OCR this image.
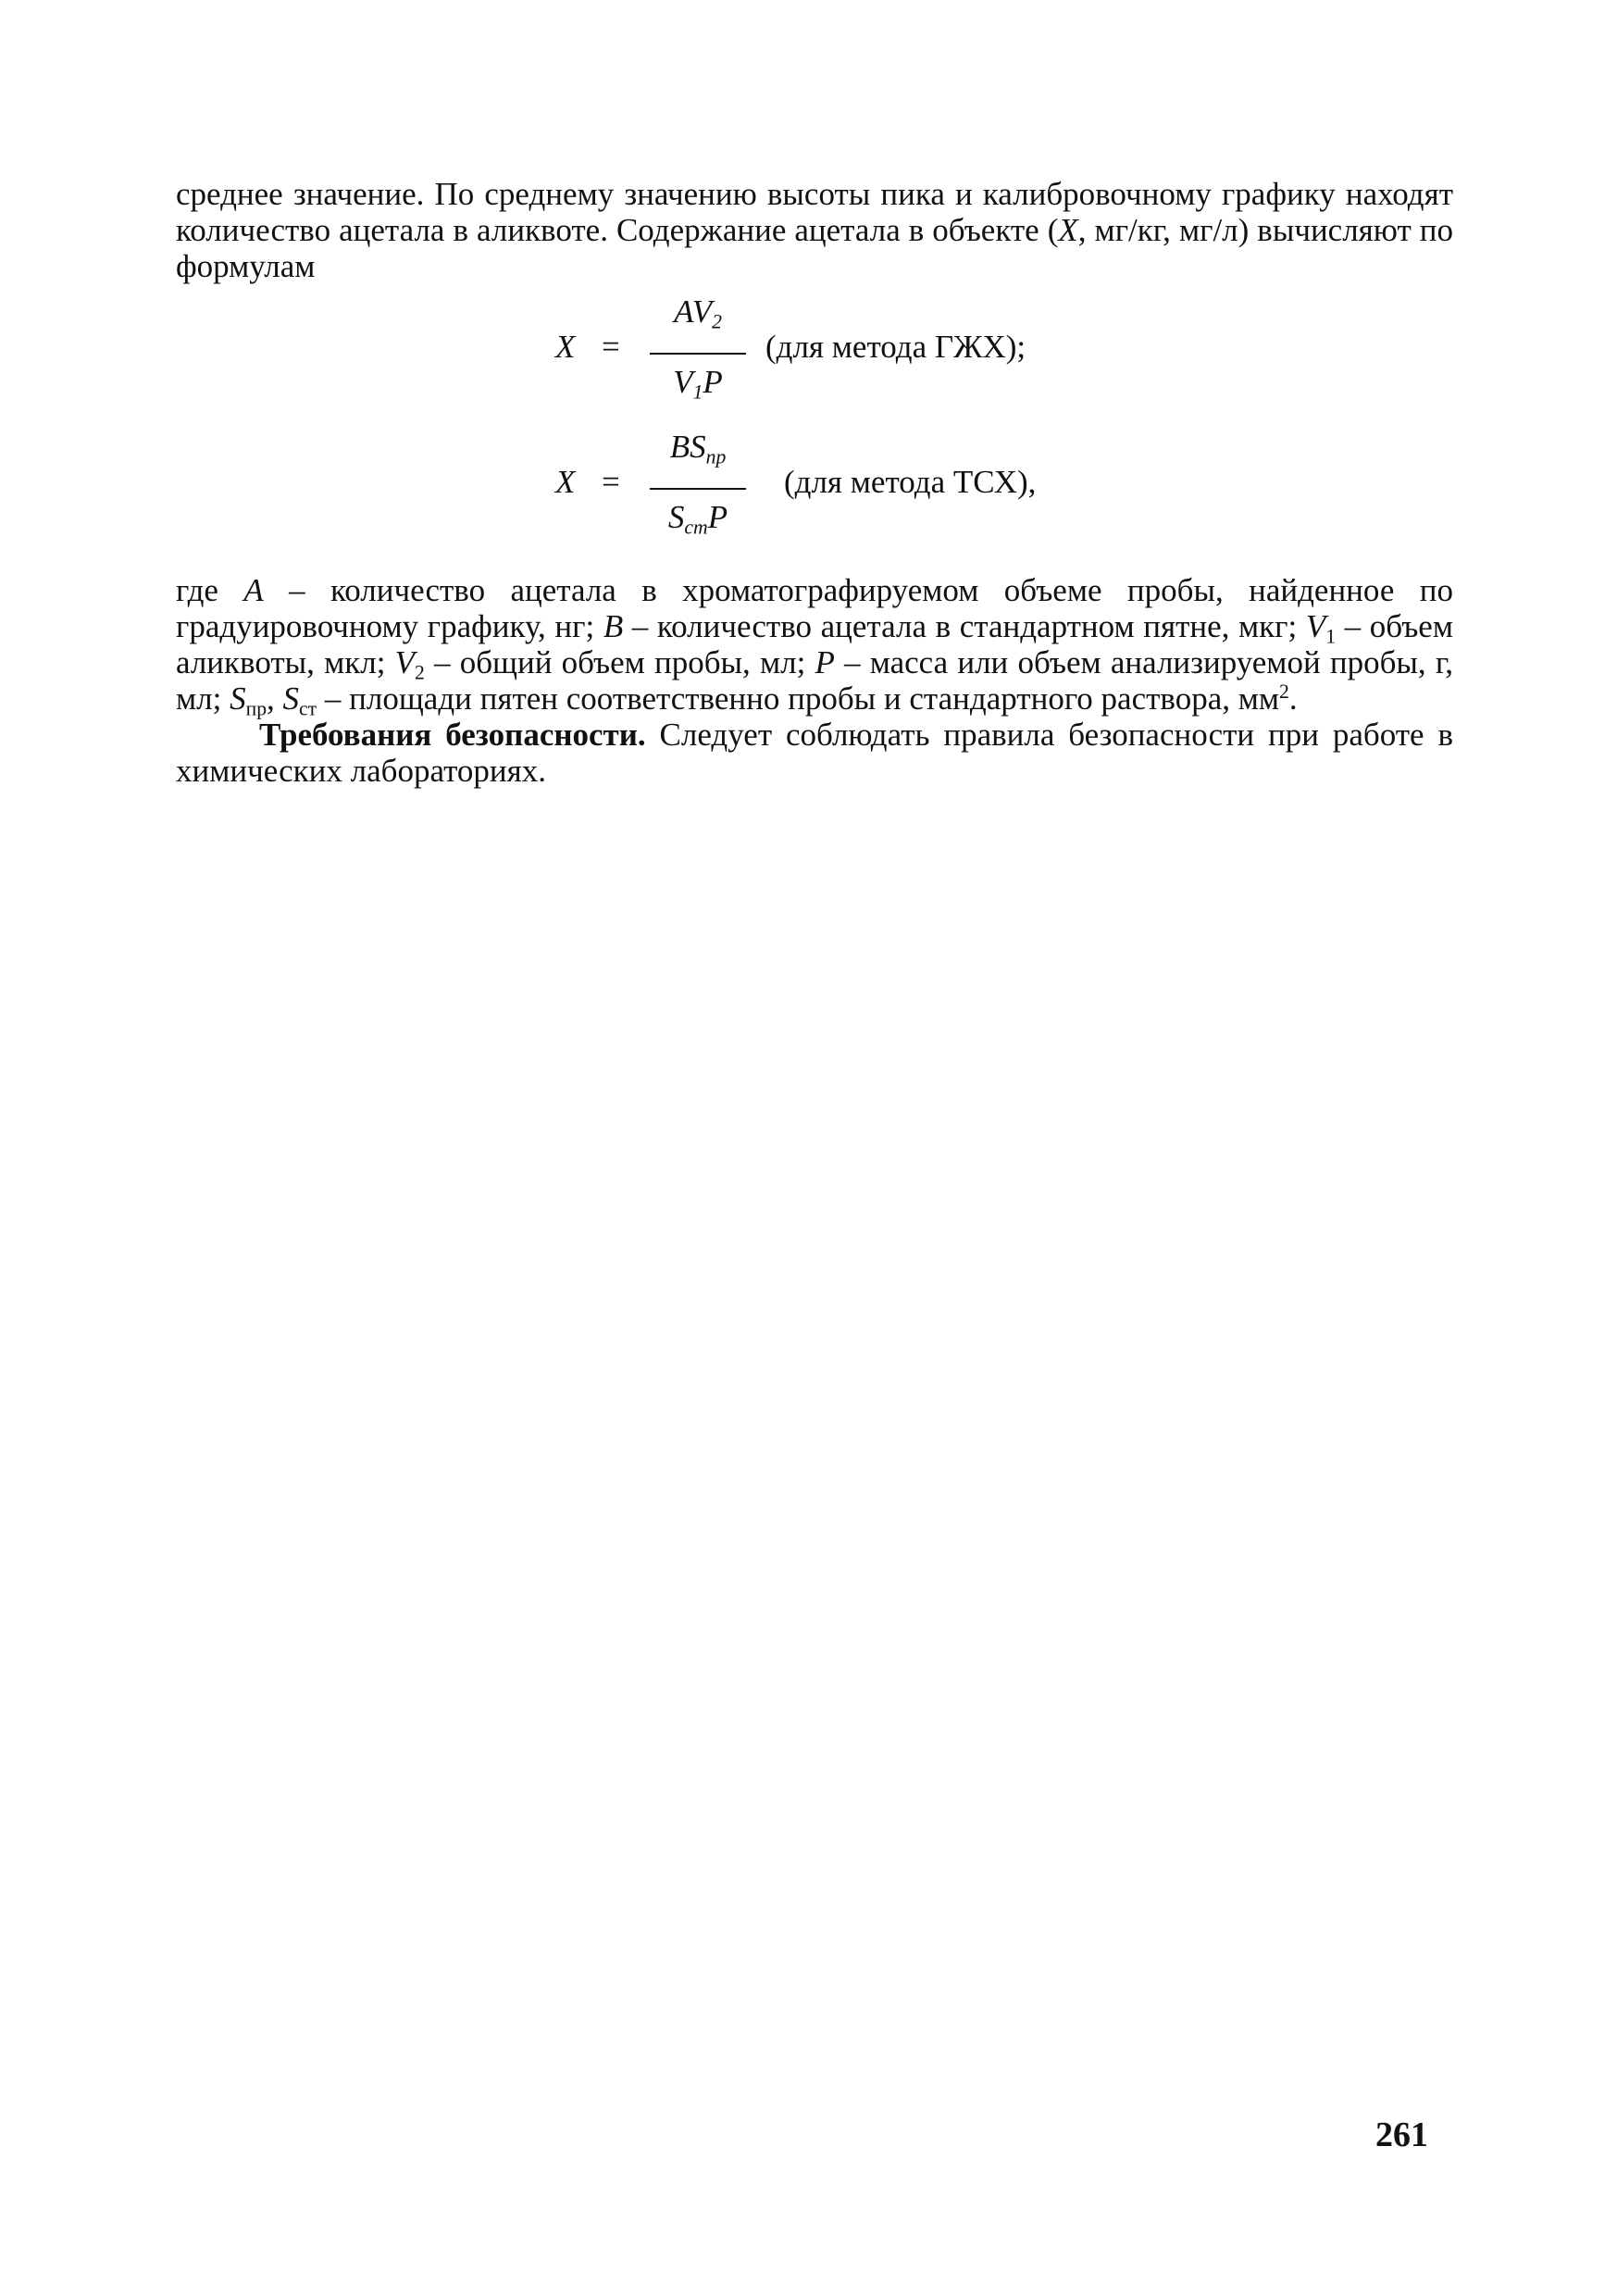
среднее значение. По среднему значению высоты пика и калибровочному графику находят количество ацетала в аликвоте. Содержание ацетала в объекте (X, мг/кг, мг/л) вычисляют по формулам

X =
$AV_2$
$V_1P$
(для метода ГЖХ);
X =
$BS_{пр}$
$S_{ст}P$
(для метода ТСХ),

где A – количество ацетала в хроматографируемом объеме пробы, найденное по градуировочному графику, нг; B – количество ацетала в стандартном пятне, мкг; $V_1$ – объем аликвоты, мкл; $V_2$ – общий объем пробы, мл; P – масса или объем анализируемой пробы, г, мл; $S_{пр}$, $S_{ст}$ – площади пятен соответственно пробы и стандартного раствора, $мм^2$.

Требования безопасности. Следует соблюдать правила безопасности при работе в химических лабораториях.

261
